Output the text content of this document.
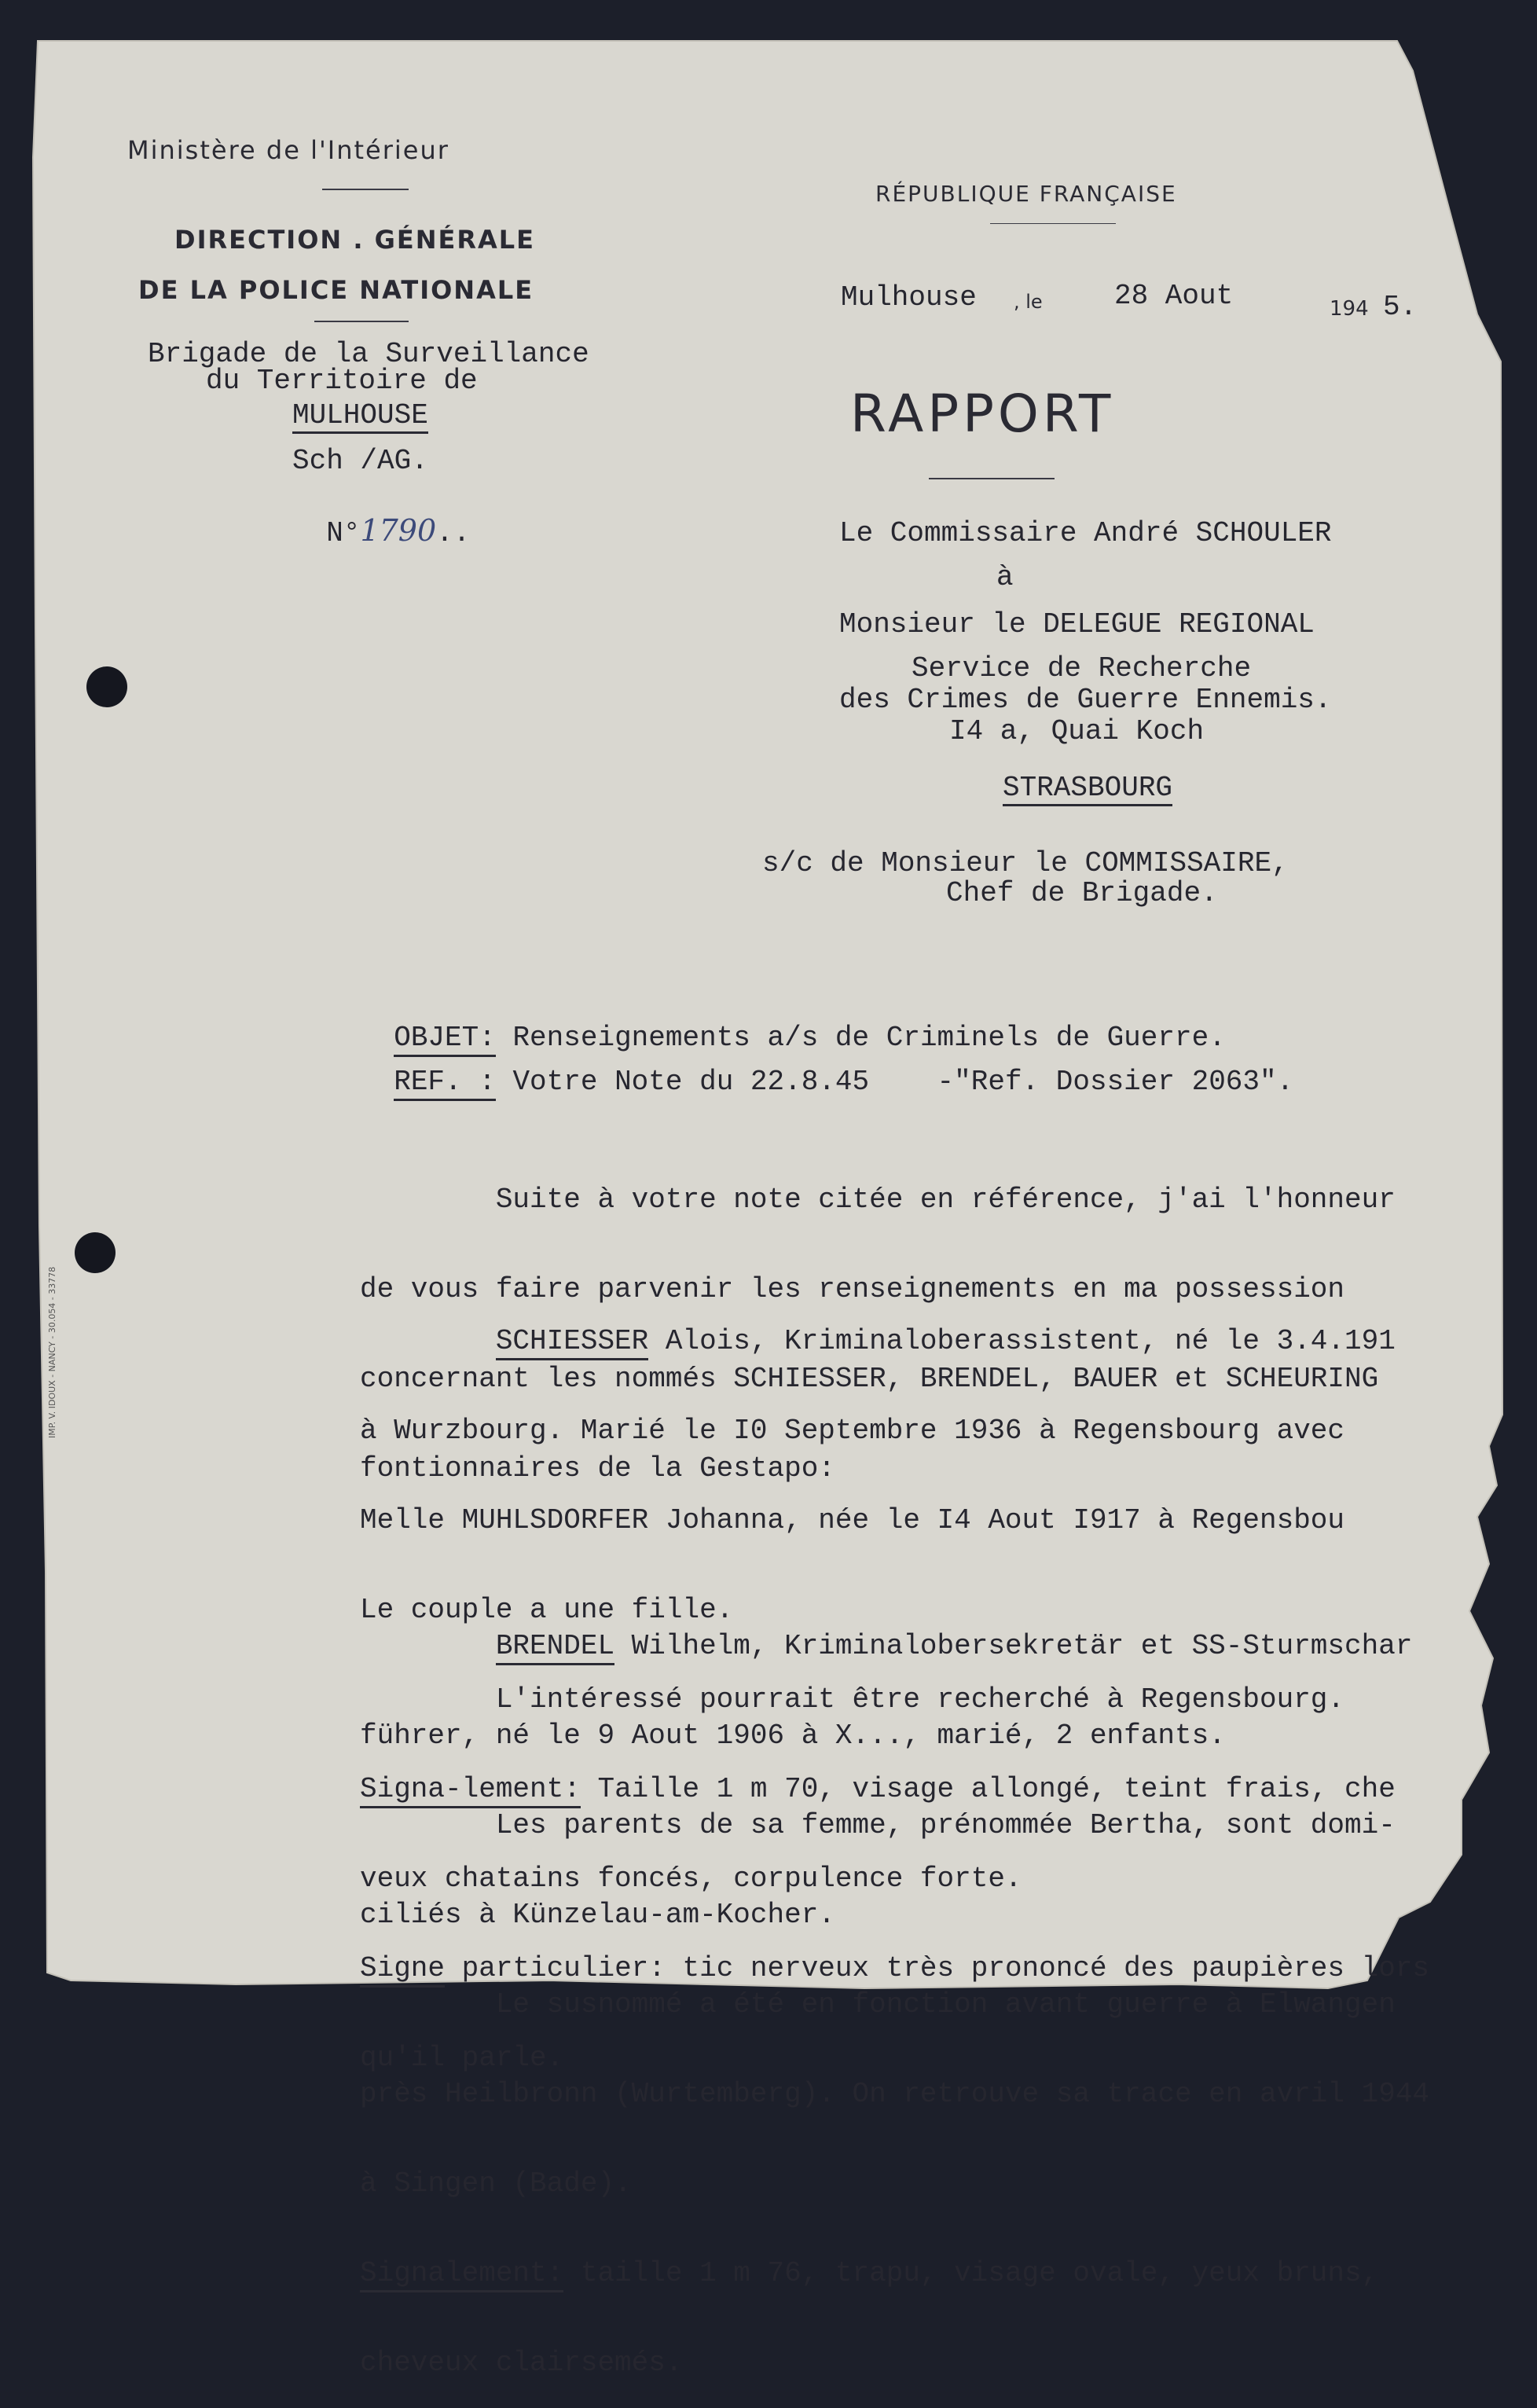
IMP. V. IDOUX - NANCY - 30.054 - 33778
Ministère de l'Intérieur
DIRECTION . GÉNÉRALE
DE LA POLICE NATIONALE
Brigade de la Surveillance
du Territoire de
MULHOUSE
Sch /AG.

N°1790..

RÉPUBLIQUE FRANÇAISE
Mulhouse , le	28 Aout	194 5.
RAPPORT
Le Commissaire André SCHOULER
à
Monsieur le DELEGUE REGIONAL
Service de Recherche
des Crimes de Guerre Ennemis.
I4 a, Quai Koch
STRASBOURG
s/c de Monsieur le COMMISSAIRE,
Chef de Brigade.

OBJET: Renseignements a/s de Criminels de Guerre.

REF. : Votre Note du 22.8.45    -"Ref. Dossier 2063".

Suite à votre note citée en référence, j'ai l'honneur

de vous faire parvenir les renseignements en ma possession

concernant les nommés SCHIESSER, BRENDEL, BAUER et SCHEURING

fontionnaires de la Gestapo:

SCHIESSER Alois, Kriminaloberassistent, né le 3.4.191

à Wurzbourg. Marié le I0 Septembre 1936 à Regensbourg avec

Melle MUHLSDORFER Johanna, née le I4 Aout I917 à Regensbou

Le couple a une fille.

L'intéressé pourrait être recherché à Regensbourg.

Signa-lement: Taille 1 m 70, visage allongé, teint frais, che

veux chatains foncés, corpulence forte.

Signe particulier: tic nerveux très prononcé des paupières lors

qu'il parle.

BRENDEL Wilhelm, Kriminalobersekretär et SS-Sturmschar

führer, né le 9 Aout 1906 à X..., marié, 2 enfants.

Les parents de sa femme, prénommée Bertha, sont domi-

ciliés à Künzelau-am-Kocher.

Le susnommé a été en fonction avant guerre à Elwangen

près Heilbronn (Wurtemberg). On retrouve sa trace en avril 1944

à Singen (Bade).

Signalement: taille 1 m 76, trapu, visage ovale, yeux bruns,

cheveux clairsemés.
